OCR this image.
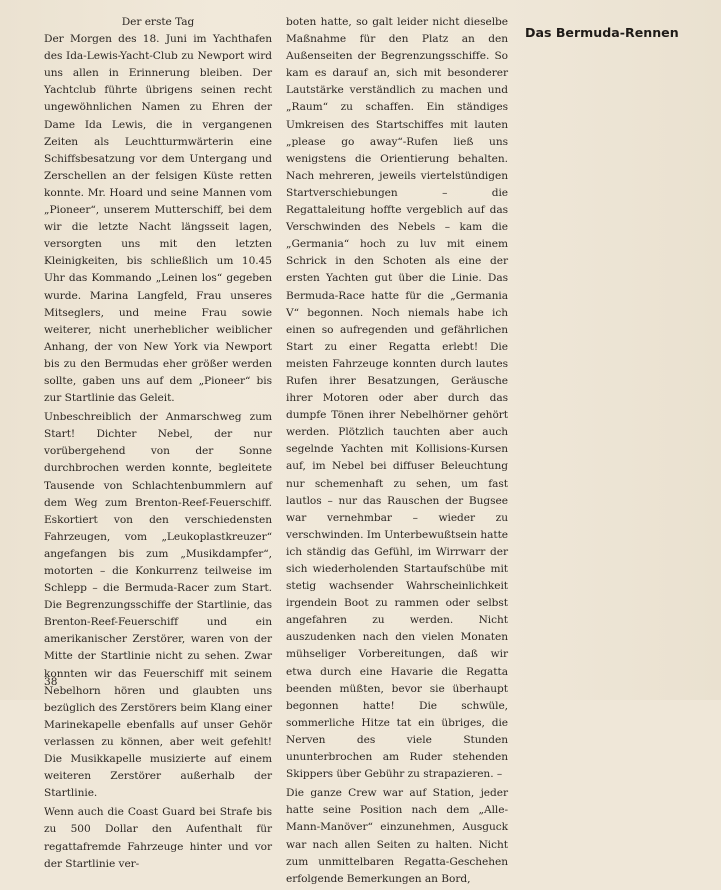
Der erste Tag

Der Morgen des 18. Juni im Yachthafen des Ida-Lewis-Yacht-Club zu Newport wird uns allen in Erinnerung bleiben. Der Yachtclub führte übrigens seinen recht ungewöhnlichen Namen zu Ehren der Dame Ida Lewis, die in vergangenen Zeiten als Leuchtturmwärterin eine Schiffsbesatzung vor dem Untergang und Zerschellen an der felsigen Küste retten konnte. Mr. Hoard und seine Mannen vom „Pioneer“, unserem Mutterschiff, bei dem wir die letzte Nacht längsseit lagen, versorgten uns mit den letzten Kleinigkeiten, bis schließlich um 10.45 Uhr das Kommando „Leinen los“ gegeben wurde. Marina Langfeld, Frau unseres Mitseglers, und meine Frau sowie weiterer, nicht unerheblicher weiblicher Anhang, der von New York via Newport bis zu den Bermudas eher größer werden sollte, gaben uns auf dem „Pioneer“ bis zur Startlinie das Geleit.

Unbeschreiblich der Anmarschweg zum Start! Dichter Nebel, der nur vorübergehend von der Sonne durchbrochen werden konnte, begleitete Tausende von Schlachtenbummlern auf dem Weg zum Brenton-Reef-Feuerschiff. Eskortiert von den verschiedensten Fahrzeugen, vom „Leukoplastkreuzer“ angefangen bis zum „Musikdampfer“, motorten – die Konkurrenz teilweise im Schlepp – die Bermuda-Racer zum Start. Die Begrenzungsschiffe der Startlinie, das Brenton-Reef-Feuerschiff und ein amerikanischer Zerstörer, waren von der Mitte der Startlinie nicht zu sehen. Zwar konnten wir das Feuerschiff mit seinem Nebelhorn hören und glaubten uns bezüglich des Zerstörers beim Klang einer Marinekapelle ebenfalls auf unser Gehör verlassen zu können, aber weit gefehlt! Die Musikkapelle musizierte auf einem weiteren Zerstörer außerhalb der Startlinie.

Wenn auch die Coast Guard bei Strafe bis zu 500 Dollar den Aufenthalt für regattafremde Fahrzeuge hinter und vor der Startlinie ver-

boten hatte, so galt leider nicht dieselbe Maßnahme für den Platz an den Außenseiten der Begrenzungsschiffe. So kam es darauf an, sich mit besonderer Lautstärke verständlich zu machen und „Raum“ zu schaffen. Ein ständiges Umkreisen des Startschiffes mit lauten „please go away“-Rufen ließ uns wenigstens die Orientierung behalten. Nach mehreren, jeweils viertelstündigen Startverschiebungen – die Regattaleitung hoffte vergeblich auf das Verschwinden des Nebels – kam die „Germania“ hoch zu luv mit einem Schrick in den Schoten als eine der ersten Yachten gut über die Linie. Das Bermuda-Race hatte für die „Germania V“ begonnen. Noch niemals habe ich einen so aufregenden und gefährlichen Start zu einer Regatta erlebt! Die meisten Fahrzeuge konnten durch lautes Rufen ihrer Besatzungen, Geräusche ihrer Motoren oder aber durch das dumpfe Tönen ihrer Nebelhörner gehört werden. Plötzlich tauchten aber auch segelnde Yachten mit Kollisions-Kursen auf, im Nebel bei diffuser Beleuchtung nur schemenhaft zu sehen, um fast lautlos – nur das Rauschen der Bugsee war vernehmbar – wieder zu verschwinden. Im Unterbewußtsein hatte ich ständig das Gefühl, im Wirrwarr der sich wiederholenden Startaufschübe mit stetig wachsender Wahrscheinlichkeit irgendein Boot zu rammen oder selbst angefahren zu werden. Nicht auszudenken nach den vielen Monaten mühseliger Vorbereitungen, daß wir etwa durch eine Havarie die Regatta beenden müßten, bevor sie überhaupt begonnen hatte! Die schwüle, sommerliche Hitze tat ein übriges, die Nerven des viele Stunden ununterbrochen am Ruder stehenden Skippers über Gebühr zu strapazieren. –

Die ganze Crew war auf Station, jeder hatte seine Position nach dem „Alle-Mann-Manöver“ einzunehmen, Ausguck war nach allen Seiten zu halten. Nicht zum unmittelbaren Regatta-Geschehen erfolgende Bemerkungen an Bord,

Das Bermuda-Rennen
38
